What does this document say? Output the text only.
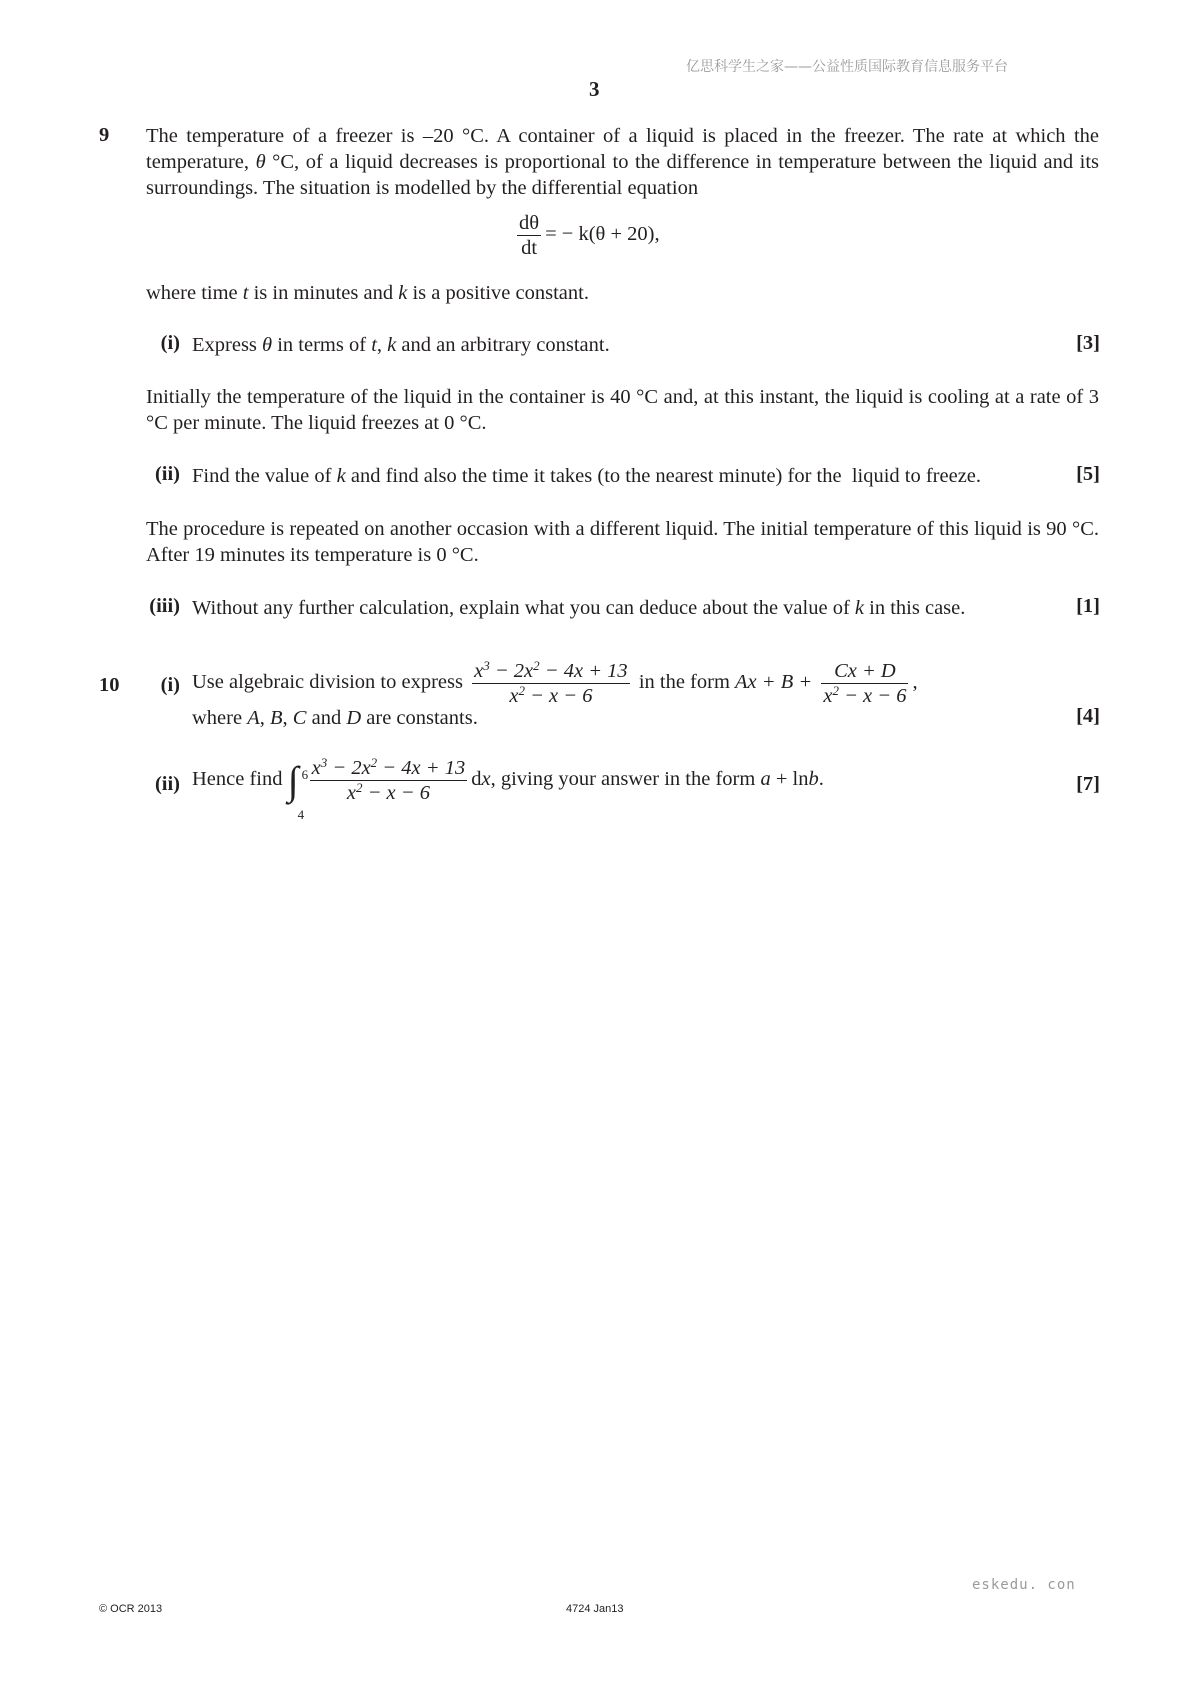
亿思科学生之家——公益性质国际教育信息服务平台
3
9 The temperature of a freezer is –20 °C. A container of a liquid is placed in the freezer. The rate at which the temperature, θ °C, of a liquid decreases is proportional to the difference in temperature between the liquid and its surroundings. The situation is modelled by the differential equation
$\frac{d\theta}{dt}$ = − k(θ + 20),
where time t is in minutes and k is a positive constant.
(i) Express θ in terms of t, k and an arbitrary constant.	[3]
Initially the temperature of the liquid in the container is 40 °C and, at this instant, the liquid is cooling at a rate of 3 °C per minute. The liquid freezes at 0 °C.
(ii) Find the value of k and find also the time it takes (to the nearest minute) for the  liquid to freeze.	[5]
The procedure is repeated on another occasion with a different liquid. The initial temperature of this liquid is 90 °C. After 19 minutes its temperature is 0 °C.
(iii) Without any further calculation, explain what you can deduce about the value of k in this case.	[1]
10	(i) Use algebraic division to express $\frac{x^3 - 2x^2 - 4x + 13}{x^2 - x - 6}$ in the form $Ax + B + \frac{Cx + D}{x^2 - x - 6}$ ,
where A, B, C and D are constants.	[4]
(ii) Hence find ∫ 6
4
$\frac{x^3 - 2x^2 - 4x + 13}{x^2 - x - 6}$ dx, giving your answer in the form a + lnb.	[7]
eskedu. con
© OCR 2013	4724 Jan13
